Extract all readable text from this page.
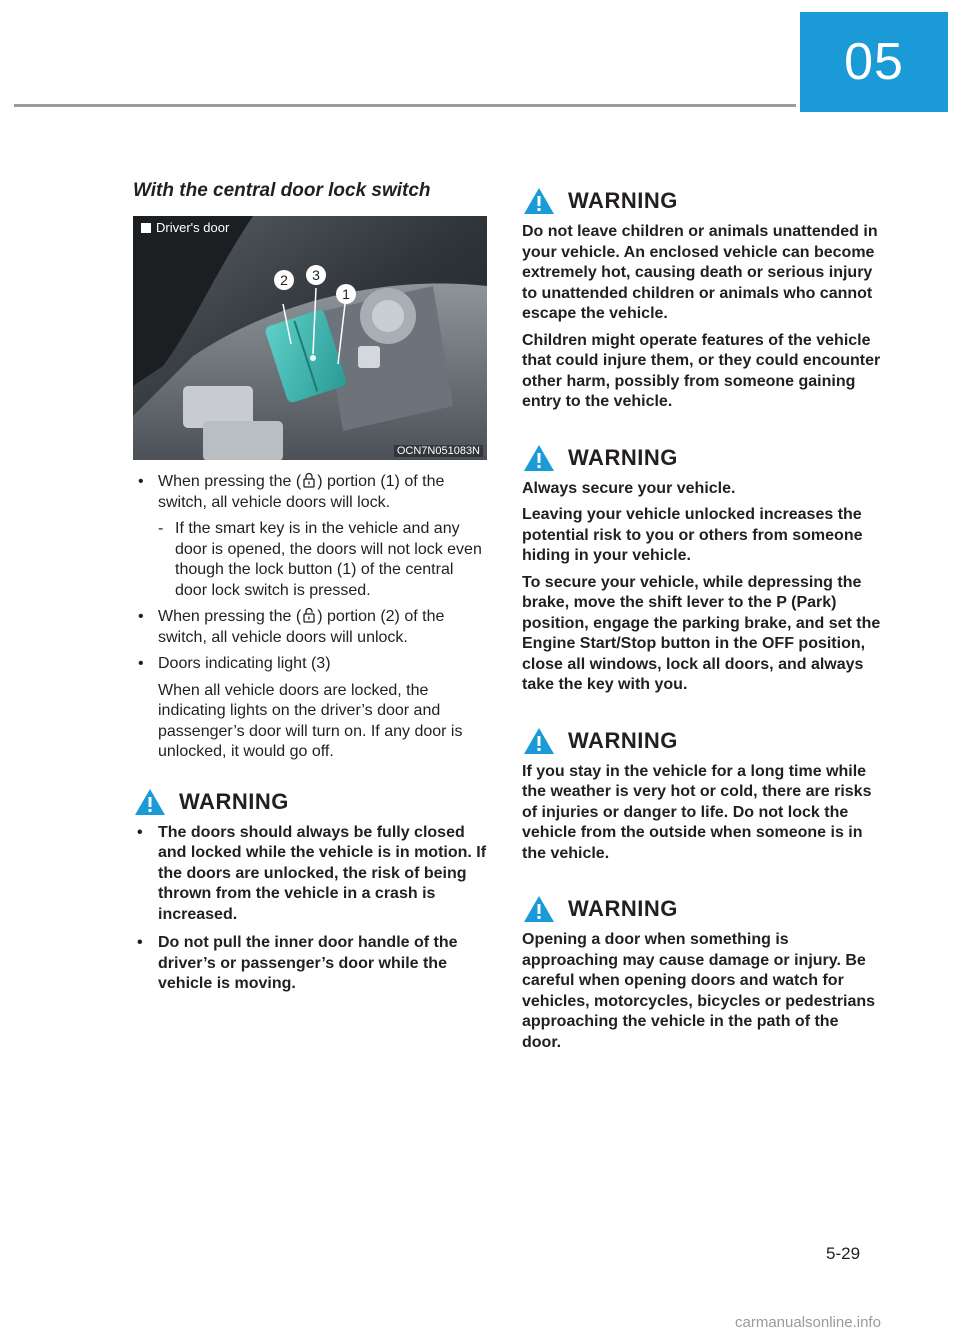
05
With the central door lock switch
2 3
1
Driver's door
OCN7N051083N
• When pressing the ( ) portion (1) of the switch, all vehicle doors will lock.
- If the smart key is in the vehicle and any door is opened, the doors will not lock even though the lock button (1) of the central door lock switch is pressed.
• When pressing the ( ) portion (2) of the switch, all vehicle doors will unlock.
• Doors indicating light (3)
When all vehicle doors are locked, the indicating lights on the driver’s door and passenger’s door will turn on. If any door is unlocked, it would go off.
WARNING
• The doors should always be fully closed and locked while the vehicle is in motion. If the doors are unlocked, the risk of being thrown from the vehicle in a crash is increased.
• Do not pull the inner door handle of the driver’s or passenger’s door while the vehicle is moving.
WARNING

Do not leave children or animals unattended in your vehicle. An enclosed vehicle can become extremely hot, causing death or serious injury to unattended children or animals who cannot escape the vehicle.

Children might operate features of the vehicle that could injure them, or they could encounter other harm, possibly from someone gaining entry to the vehicle.

WARNING

Always secure your vehicle.

Leaving your vehicle unlocked increases the potential risk to you or others from someone hiding in your vehicle.

To secure your vehicle, while depressing the brake, move the shift lever to the P (Park) position, engage the parking brake, and set the Engine Start/Stop button in the OFF position, close all windows, lock all doors, and always take the key with you.

WARNING

If you stay in the vehicle for a long time while the weather is very hot or cold, there are risks of injuries or danger to life. Do not lock the vehicle from the outside when someone is in the vehicle.

WARNING

Opening a door when something is approaching may cause damage or injury. Be careful when opening doors and watch for vehicles, motorcycles, bicycles or pedestrians approaching the vehicle in the path of the door.

5-29
carmanualsonline.info
